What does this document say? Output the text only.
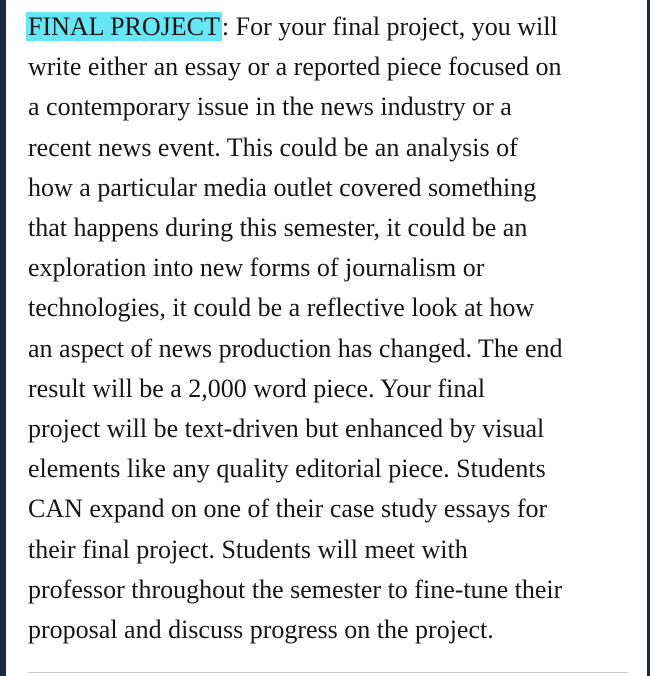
FINAL PROJECT: For your final project, you will
write either an essay or a reported piece focused on
a contemporary issue in the news industry or a
recent news event. This could be an analysis of
how a particular media outlet covered something
that happens during this semester, it could be an
exploration into new forms of journalism or
technologies, it could be a reflective look at how
an aspect of news production has changed. The end
result will be a 2,000 word piece. Your final
project will be text-driven but enhanced by visual
elements like any quality editorial piece. Students
CAN expand on one of their case study essays for
their final project. Students will meet with
professor throughout the semester to fine-tune their
proposal and discuss progress on the project.
